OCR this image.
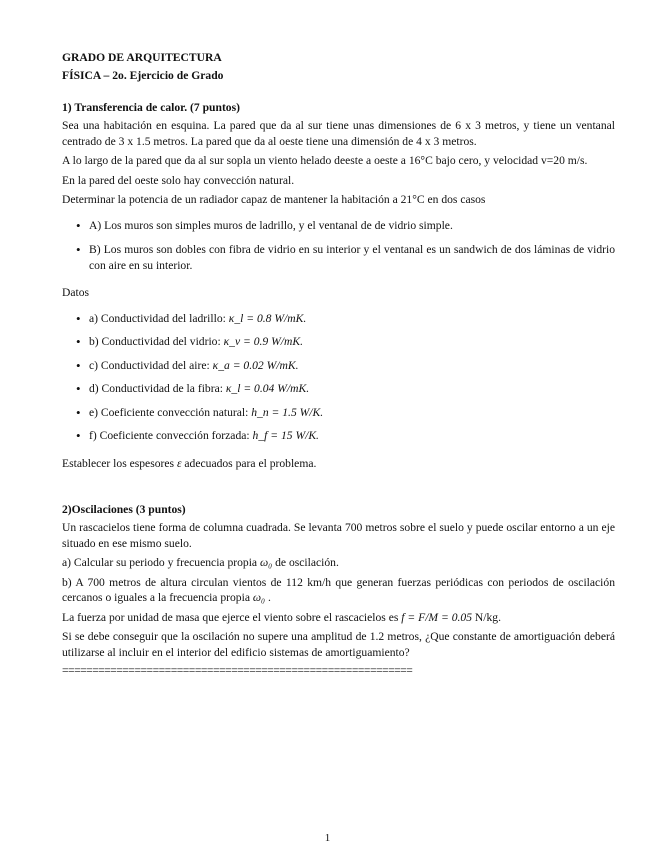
GRADO DE ARQUITECTURA
FÍSICA – 2o. Ejercicio de Grado
1) Transferencia de calor. (7 puntos)

Sea una habitación en esquina. La pared que da al sur tiene unas dimensiones de 6 x 3 metros, y tiene un ventanal centrado de 3 x 1.5 metros. La pared que da al oeste tiene una dimensión de 4 x 3 metros.

A lo largo de la pared que da al sur sopla un viento helado deeste a oeste a 16°C bajo cero, y velocidad v=20 m/s.

En la pared del oeste solo hay convección natural.

Determinar la potencia de un radiador capaz de mantener la habitación a 21°C en dos casos

• A) Los muros son simples muros de ladrillo, y el ventanal de de vidrio simple.
• B) Los muros son dobles con fibra de vidrio en su interior y el ventanal es un sandwich de dos láminas de vidrio con aire en su interior.

Datos

• a) Conductividad del ladrillo: κ_l = 0.8 W/mK.
• b) Conductividad del vidrio: κ_v = 0.9 W/mK.
• c) Conductividad del aire: κ_a = 0.02 W/mK.
• d) Conductividad de la fibra: κ_l = 0.04 W/mK.
• e) Coeficiente convección natural: h_n = 1.5 W/K.
• f) Coeficiente convección forzada: h_f = 15 W/K.

Establecer los espesores ε adecuados para el problema.

2)Oscilaciones (3 puntos)

Un rascacielos tiene forma de columna cuadrada. Se levanta 700 metros sobre el suelo y puede oscilar entorno a un eje situado en ese mismo suelo.

a) Calcular su periodo y frecuencia propia ω₀ de oscilación.

b) A 700 metros de altura circulan vientos de 112 km/h que generan fuerzas periódicas con periodos de oscilación cercanos o iguales a la frecuencia propia ω₀ .

La fuerza por unidad de masa que ejerce el viento sobre el rascacielos es f = F/M = 0.05 N/kg.

Si se debe conseguir que la oscilación no supere una amplitud de 1.2 metros, ¿Que constante de amortiguación deberá utilizarse al incluir en el interior del edificio sistemas de amortiguamiento?

==========================================================
1
